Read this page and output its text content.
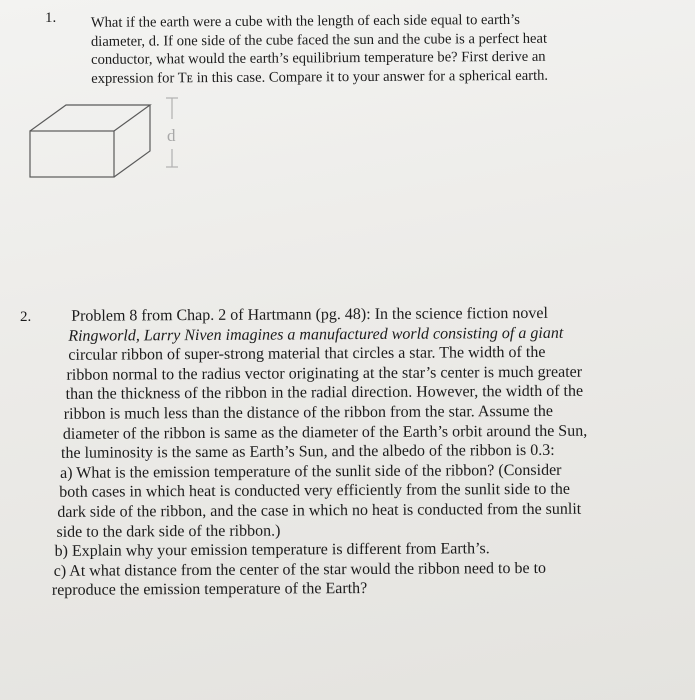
1. What if the earth were a cube with the length of each side equal to earth’s
diameter, d. If one side of the cube faced the sun and the cube is a perfect heat
conductor, what would the earth’s equilibrium temperature be? First derive an
expression for Tᴇ in this case. Compare it to your answer for a spherical earth.
d
2.	Problem 8 from Chap. 2 of Hartmann (pg. 48): In the science fiction novel
Ringworld, Larry Niven imagines a manufactured world consisting of a giant
circular ribbon of super-strong material that circles a star. The width of the
ribbon normal to the radius vector originating at the star’s center is much greater
than the thickness of the ribbon in the radial direction. However, the width of the
ribbon is much less than the distance of the ribbon from the star. Assume the
diameter of the ribbon is same as the diameter of the Earth’s orbit around the Sun,
the luminosity is the same as Earth’s Sun, and the albedo of the ribbon is 0.3:
a) What is the emission temperature of the sunlit side of the ribbon? (Consider
both cases in which heat is conducted very efficiently from the sunlit side to the
dark side of the ribbon, and the case in which no heat is conducted from the sunlit
side to the dark side of the ribbon.)
b) Explain why your emission temperature is different from Earth’s.
c) At what distance from the center of the star would the ribbon need to be to
reproduce the emission temperature of the Earth?
